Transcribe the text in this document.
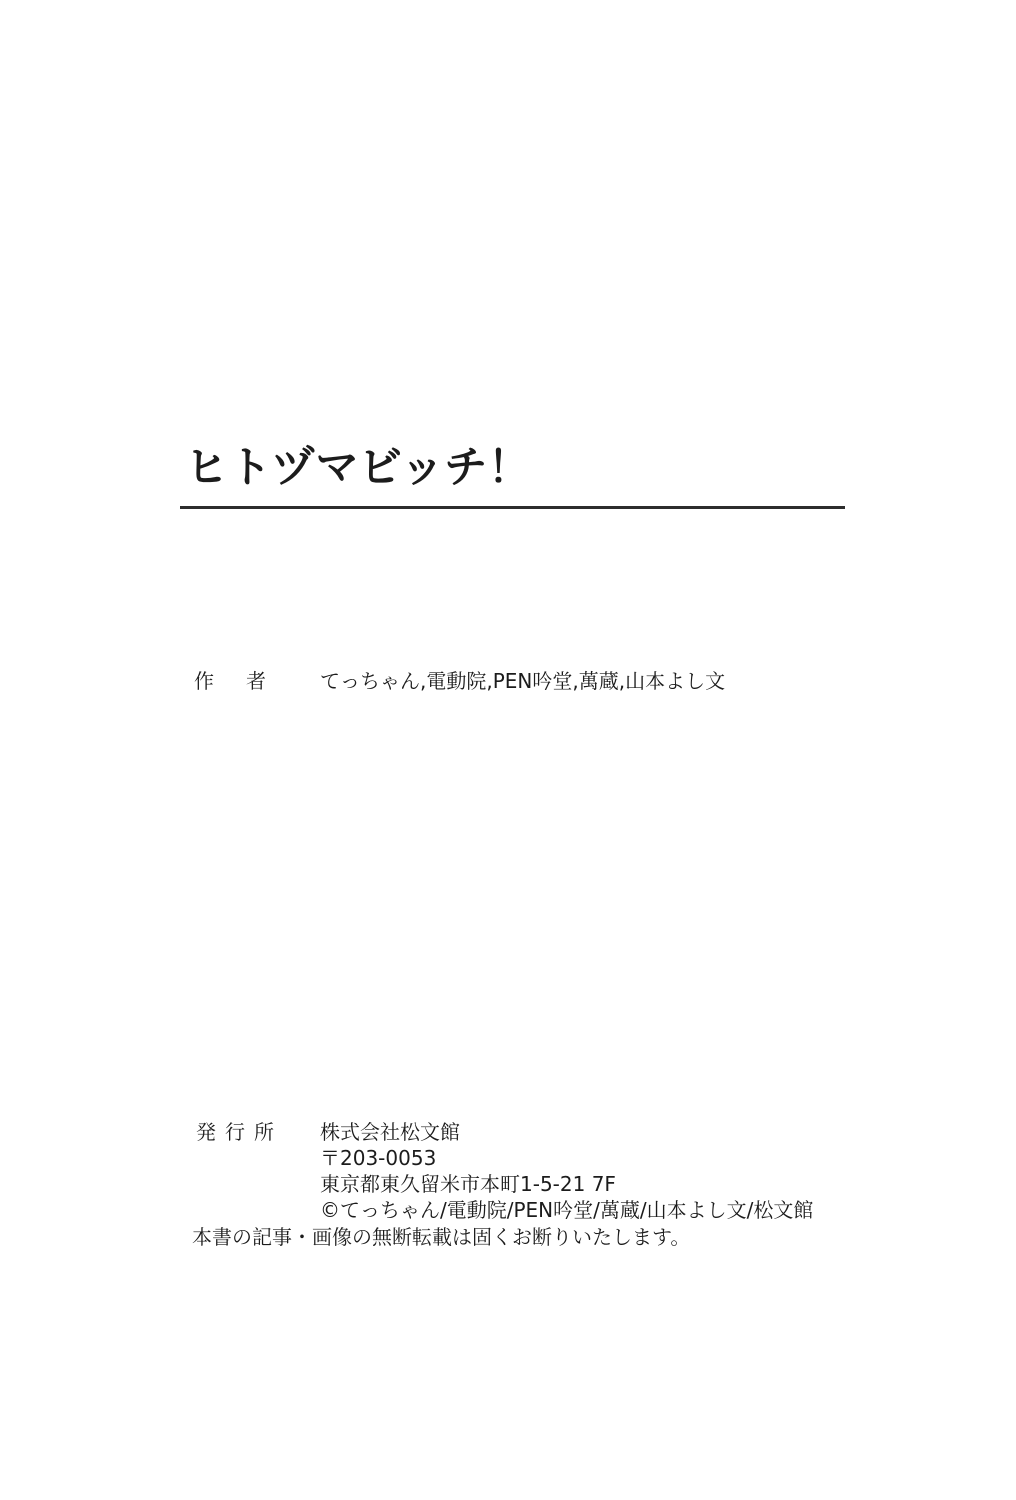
ヒトヅマビッチ！
作 者	てっちゃん,電動院,PEN吟堂,萬蔵,山本よし文
発 行 所 株式会社松文館
〒203-0053
東京都東久留米市本町1-5-21 7F
©てっちゃん/電動院/PEN吟堂/萬蔵/山本よし文/松文館
本書の記事・画像の無断転載は固くお断りいたします。
